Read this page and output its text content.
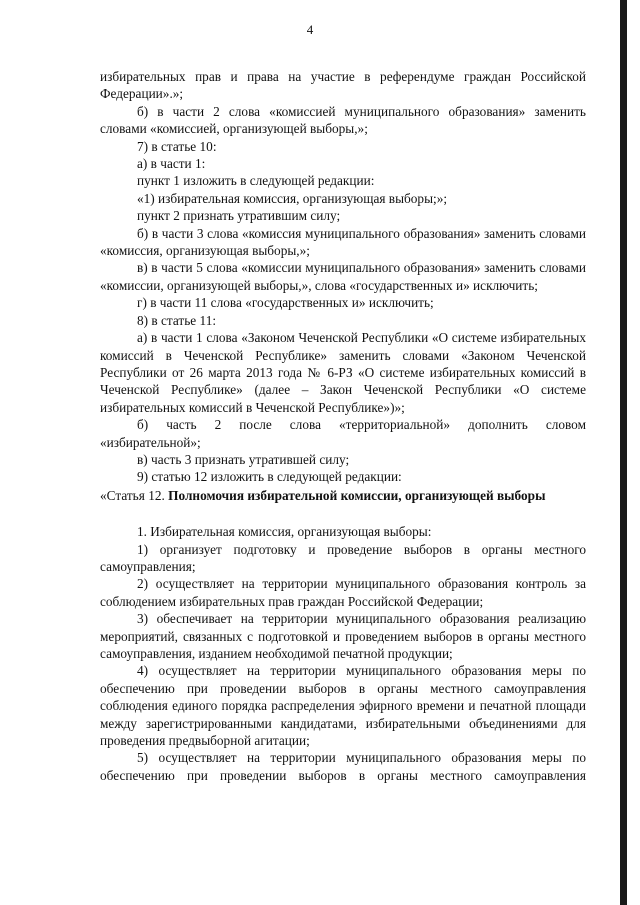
4

избирательных прав и права на участие в референдуме граждан Российской Федерации».»;

б) в части 2 слова «комиссией муниципального образования» заменить словами «комиссией, организующей выборы,»;

7) в статье 10:

а) в части 1:

пункт 1 изложить в следующей редакции:

«1) избирательная комиссия, организующая выборы;»;

пункт 2 признать утратившим силу;

б) в части 3 слова «комиссия муниципального образования» заменить словами «комиссия, организующая выборы,»;

в) в части 5 слова «комиссии муниципального образования» заменить словами «комиссии, организующей выборы,», слова «государственных и» исключить;

г) в части 11 слова «государственных и» исключить;

8) в статье 11:

а) в части 1 слова «Законом Чеченской Республики «О системе избирательных комиссий в Чеченской Республике» заменить словами «Законом Чеченской Республики от 26 марта 2013 года № 6-РЗ «О системе избирательных комиссий в Чеченской Республике» (далее – Закон Чеченской Республики «О системе избирательных комиссий в Чеченской Республике»)»;

б) часть 2 после слова «территориальной» дополнить словом «избирательной»;

в) часть 3 признать утратившей силу;

9) статью 12 изложить в следующей редакции:

«Статья 12. Полномочия избирательной комиссии, организующей выборы

1. Избирательная комиссия, организующая выборы:

1) организует подготовку и проведение выборов в органы местного самоуправления;

2) осуществляет на территории муниципального образования контроль за соблюдением избирательных прав граждан Российской Федерации;

3) обеспечивает на территории муниципального образования реализацию мероприятий, связанных с подготовкой и проведением выборов в органы местного самоуправления, изданием необходимой печатной продукции;

4) осуществляет на территории муниципального образования меры по обеспечению при проведении выборов в органы местного самоуправления соблюдения единого порядка распределения эфирного времени и печатной площади между зарегистрированными кандидатами, избирательными объединениями для проведения предвыборной агитации;

5) осуществляет на территории муниципального образования меры по обеспечению при проведении выборов в органы местного самоуправления
